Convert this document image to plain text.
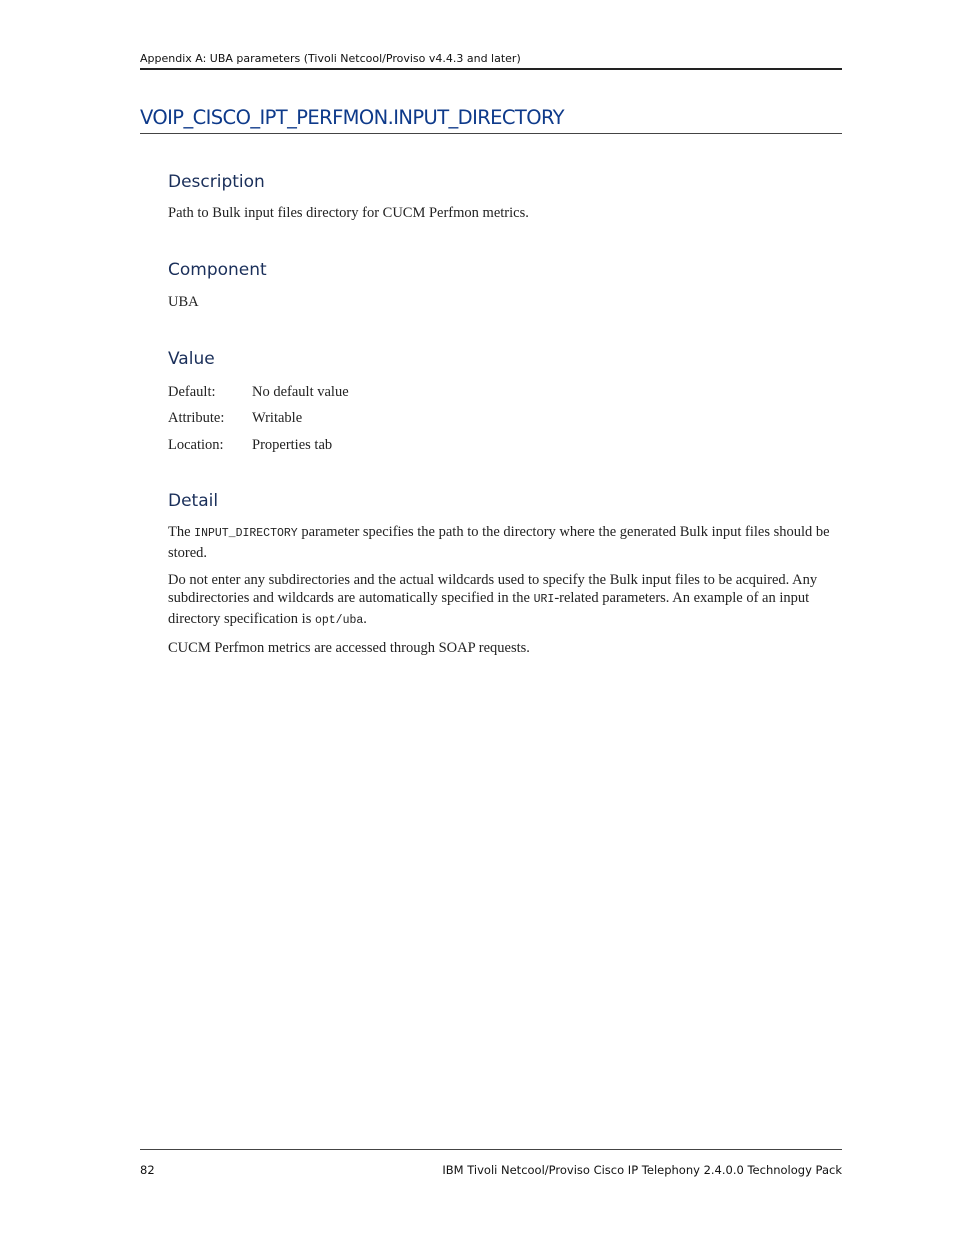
Appendix A: UBA parameters (Tivoli Netcool/Proviso v4.4.3 and later)
VOIP_CISCO_IPT_PERFMON.INPUT_DIRECTORY
Description

Path to Bulk input files directory for CUCM Perfmon metrics.

Component

UBA

Value
Default:	No default value
Attribute:	Writable
Location:	Properties tab
Detail

The INPUT_DIRECTORY parameter specifies the path to the directory where the generated Bulk input files should be stored.

Do not enter any subdirectories and the actual wildcards used to specify the Bulk input files to be acquired. Any subdirectories and wildcards are automatically specified in the URI-related parameters. An example of an input directory specification is opt/uba.

CUCM Perfmon metrics are accessed through SOAP requests.

82	IBM Tivoli Netcool/Proviso Cisco IP Telephony 2.4.0.0 Technology Pack
